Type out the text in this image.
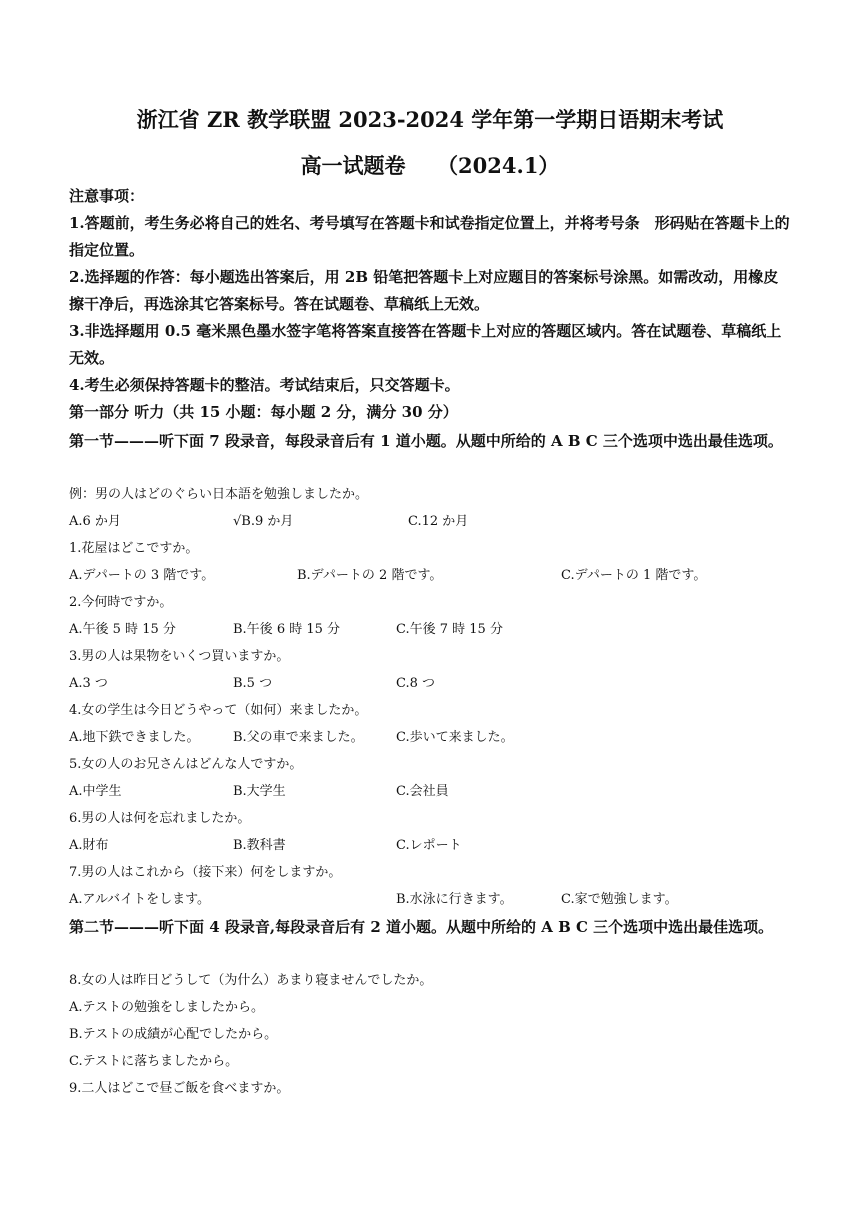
浙江省 ZR 教学联盟 2023-2024 学年第一学期日语期末考试
高一试题卷　　（2024.1）
注意事项：
1.答题前，考生务必将自己的姓名、考号填写在答题卡和试卷指定位置上，并将考号条　形码贴在答题卡上的指定位置。
2.选择题的作答：每小题选出答案后，用 2B 铅笔把答题卡上对应题目的答案标号涂黑。如需改动，用橡皮擦干净后，再选涂其它答案标号。答在试题卷、草稿纸上无效。
3.非选择题用 0.5 毫米黑色墨水签字笔将答案直接答在答题卡上对应的答题区域内。答在试题卷、草稿纸上无效。
4.考生必须保持答题卡的整洁。考试结束后，只交答题卡。
第一部分 听力（共 15 小题：每小题 2 分，满分 30 分）
第一节———听下面 7 段录音，每段录音后有 1 道小题。从题中所给的 A B C 三个选项中选出最佳选项。
例：男の人はどのぐらい日本語を勉強しましたか。
A.6 か月	√B.9 か月	C.12 か月
1.花屋はどこですか。
A.デパートの 3 階です。	B.デパートの 2 階です。	C.デパートの 1 階です。
2.今何時ですか。
A.午後 5 時 15 分	B.午後 6 時 15 分	C.午後 7 時 15 分
3.男の人は果物をいくつ買いますか。
A.3 つ	B.5 つ	C.8 つ
4.女の学生は今日どうやって（如何）来ましたか。
A.地下鉄できました。	B.父の車で来ました。 C.歩いて来ました。
5.女の人のお兄さんはどんな人ですか。
A.中学生	B.大学生	C.会社員
6.男の人は何を忘れましたか。
A.財布	B.教科書	C.レポート
7.男の人はこれから（接下来）何をしますか。
A.アルバイトをします。	B.水泳に行きます。	C.家で勉強します。
第二节———听下面 4 段录音,每段录音后有 2 道小题。从题中所给的 A B C 三个选项中选出最佳选项。
8.女の人は昨日どうして（为什么）あまり寝ませんでしたか。
A.テストの勉強をしましたから。
B.テストの成績が心配でしたから。
C.テストに落ちましたから。
9.二人はどこで昼ご飯を食べますか。
